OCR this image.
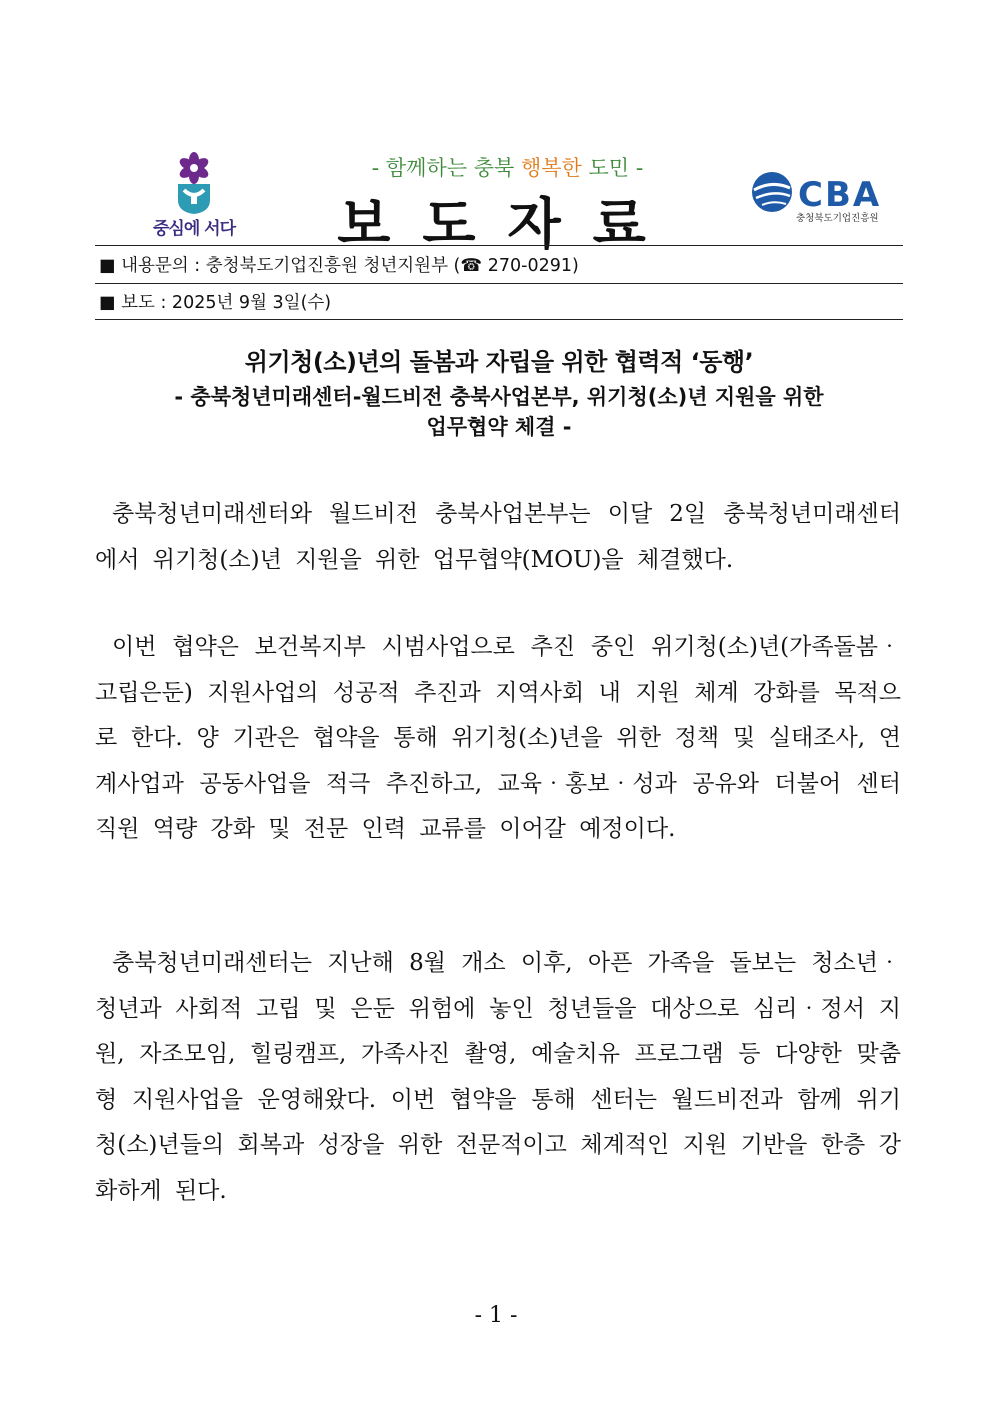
중심에 서다
- 함께하는 충북 행복한 도민 -
보도자료	CBA
충청북도기업진흥원
■ 내용문의 : 충청북도기업진흥원 청년지원부 (☎ 270-0291)
■ 보도 : 2025년 9월 3일(수)
위기청(소)년의 돌봄과 자립을 위한 협력적 ‘동행’
- 충북청년미래센터-월드비전 충북사업본부, 위기청(소)년 지원을 위한
업무협약 체결 -
충북청년미래센터와 월드비전 충북사업본부는 이달 2일 충북청년미래센터에서 위기청(소)년 지원을 위한 업무협약(MOU)을 체결했다.
이번 협약은 보건복지부 시범사업으로 추진 중인 위기청(소)년(가족돌봄‧고립은둔) 지원사업의 성공적 추진과 지역사회 내 지원 체계 강화를 목적으로 한다. 양 기관은 협약을 통해 위기청(소)년을 위한 정책 및 실태조사, 연계사업과 공동사업을 적극 추진하고, 교육‧홍보‧성과 공유와 더불어 센터 직원 역량 강화 및 전문 인력 교류를 이어갈 예정이다.
충북청년미래센터는 지난해 8월 개소 이후, 아픈 가족을 돌보는 청소년‧청년과 사회적 고립 및 은둔 위험에 놓인 청년들을 대상으로 심리‧정서 지원, 자조모임, 힐링캠프, 가족사진 촬영, 예술치유 프로그램 등 다양한 맞춤형 지원사업을 운영해왔다. 이번 협약을 통해 센터는 월드비전과 함께 위기청(소)년들의 회복과 성장을 위한 전문적이고 체계적인 지원 기반을 한층 강화하게 된다.
- 1 -
